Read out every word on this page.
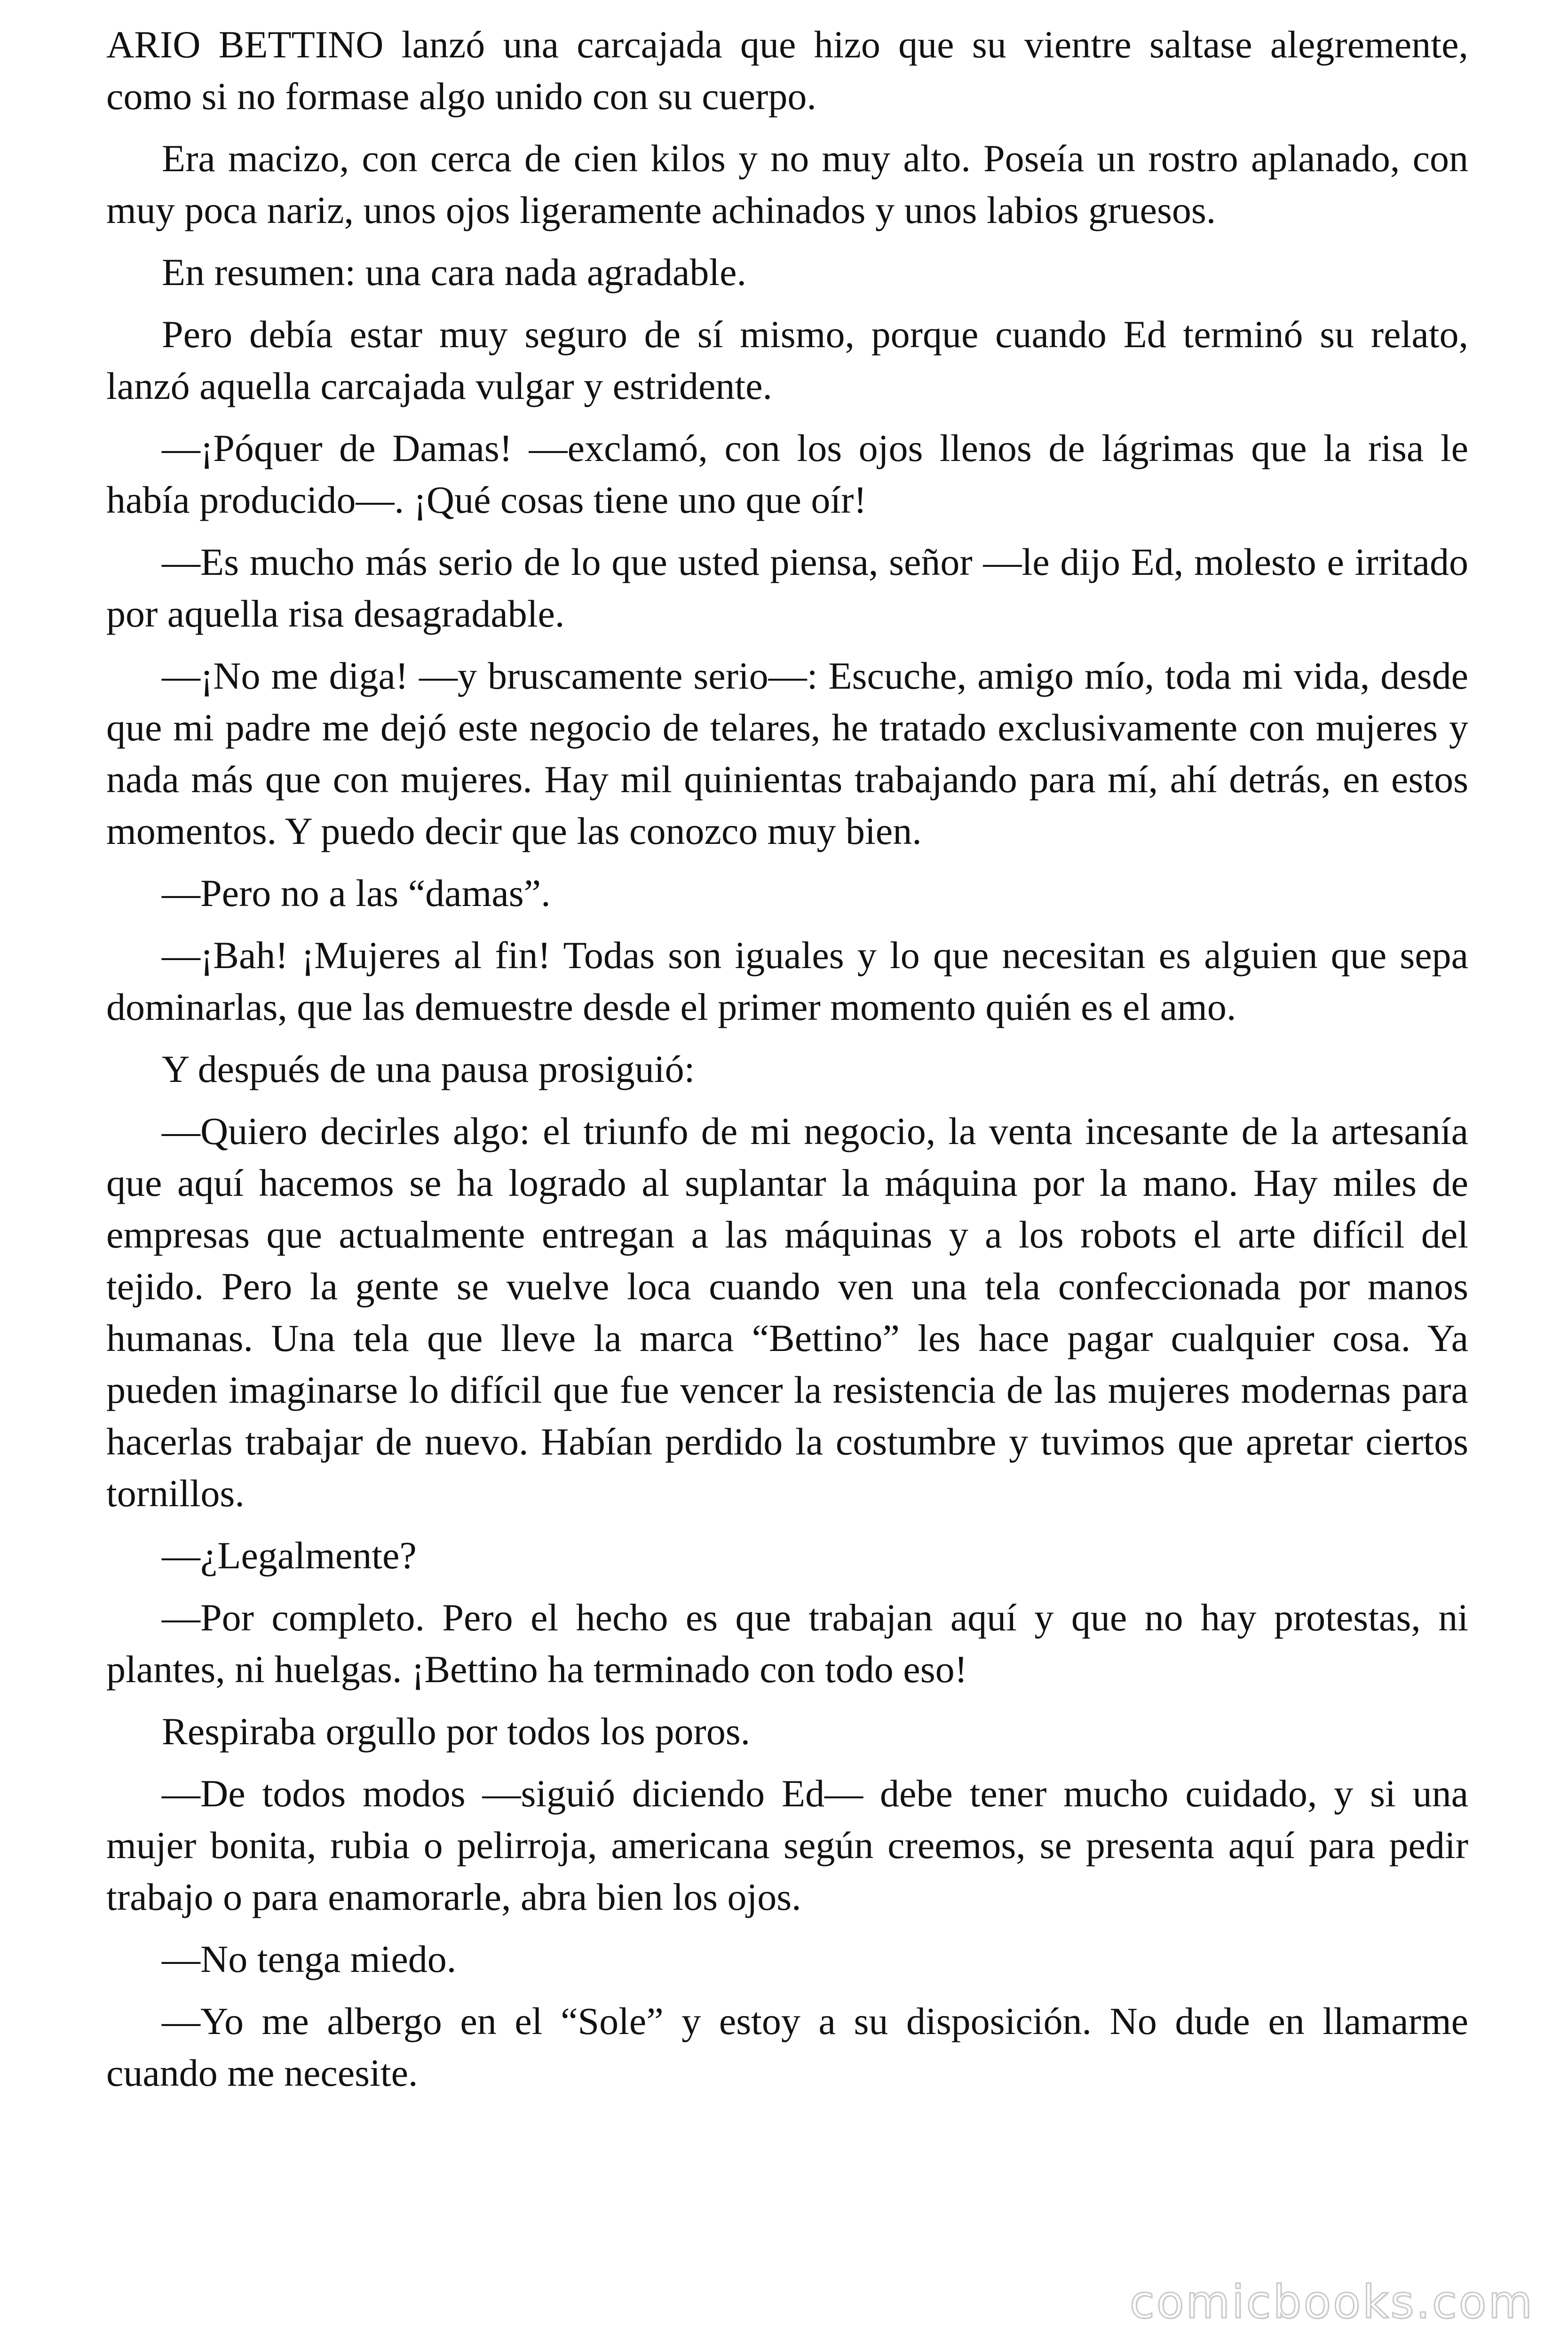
ARIO BETTINO lanzó una carcajada que hizo que su vientre saltase alegremente, como si no formase algo unido con su cuerpo.

Era macizo, con cerca de cien kilos y no muy alto. Poseía un rostro aplanado, con muy poca nariz, unos ojos ligeramente achinados y unos labios gruesos.

En resumen: una cara nada agradable.

Pero debía estar muy seguro de sí mismo, porque cuando Ed terminó su relato, lanzó aquella carcajada vulgar y estridente.

—¡Póquer de Damas! —exclamó, con los ojos llenos de lágrimas que la risa le había producido—. ¡Qué cosas tiene uno que oír!

—Es mucho más serio de lo que usted piensa, señor —le dijo Ed, molesto e irritado por aquella risa desagradable.

—¡No me diga! —y bruscamente serio—: Escuche, amigo mío, toda mi vida, desde que mi padre me dejó este negocio de telares, he tratado exclusivamente con mujeres y nada más que con mujeres. Hay mil quinientas trabajando para mí, ahí detrás, en estos momentos. Y puedo decir que las conozco muy bien.

—Pero no a las “damas”.

—¡Bah! ¡Mujeres al fin! Todas son iguales y lo que necesitan es alguien que sepa dominarlas, que las demuestre desde el primer momento quién es el amo.

Y después de una pausa prosiguió:

—Quiero decirles algo: el triunfo de mi negocio, la venta incesante de la artesanía que aquí hacemos se ha logrado al suplantar la máquina por la mano. Hay miles de empresas que actualmente entregan a las máquinas y a los robots el arte difícil del tejido. Pero la gente se vuelve loca cuando ven una tela confeccionada por manos humanas. Una tela que lleve la marca “Bettino” les hace pagar cualquier cosa. Ya pueden imaginarse lo difícil que fue vencer la resistencia de las mujeres modernas para hacerlas trabajar de nuevo. Habían perdido la costumbre y tuvimos que apretar ciertos tornillos.

—¿Legalmente?

—Por completo. Pero el hecho es que trabajan aquí y que no hay protestas, ni plantes, ni huelgas. ¡Bettino ha terminado con todo eso!

Respiraba orgullo por todos los poros.

—De todos modos —siguió diciendo Ed— debe tener mucho cuidado, y si una mujer bonita, rubia o pelirroja, americana según creemos, se presenta aquí para pedir trabajo o para enamorarle, abra bien los ojos.

—No tenga miedo.

—Yo me albergo en el “Sole” y estoy a su disposición. No dude en llamarme cuando me necesite.

comicbooks.com
